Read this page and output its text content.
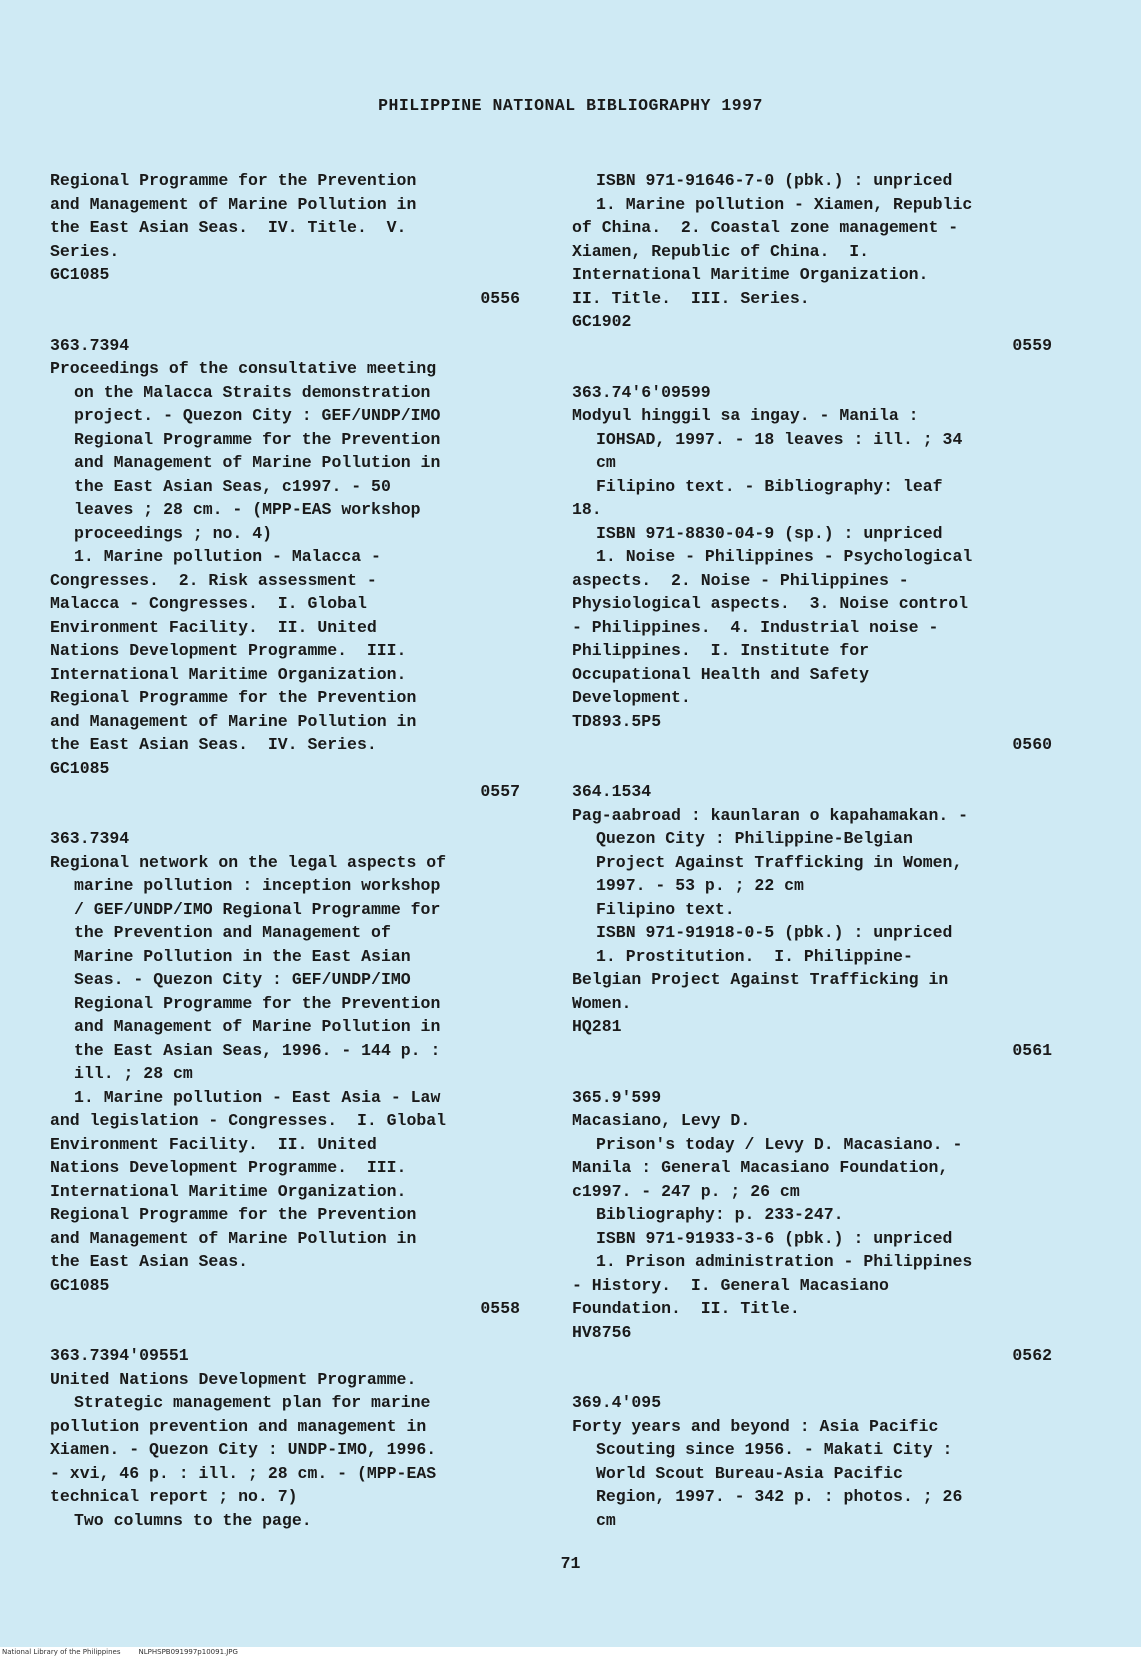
PHILIPPINE NATIONAL BIBLIOGRAPHY 1997
Regional Programme for the Prevention
and Management of Marine Pollution in
the East Asian Seas.  IV. Title.  V.
Series.
GC1085
0556
363.7394
Proceedings of the consultative meeting
on the Malacca Straits demonstration
project. - Quezon City : GEF/UNDP/IMO
Regional Programme for the Prevention
and Management of Marine Pollution in
the East Asian Seas, c1997. - 50
leaves ; 28 cm. - (MPP-EAS workshop
proceedings ; no. 4)
1. Marine pollution - Malacca -
Congresses.  2. Risk assessment -
Malacca - Congresses.  I. Global
Environment Facility.  II. United
Nations Development Programme.  III.
International Maritime Organization.
Regional Programme for the Prevention
and Management of Marine Pollution in
the East Asian Seas.  IV. Series.
GC1085
0557
363.7394
Regional network on the legal aspects of
marine pollution : inception workshop
/ GEF/UNDP/IMO Regional Programme for
the Prevention and Management of
Marine Pollution in the East Asian
Seas. - Quezon City : GEF/UNDP/IMO
Regional Programme for the Prevention
and Management of Marine Pollution in
the East Asian Seas, 1996. - 144 p. :
ill. ; 28 cm
1. Marine pollution - East Asia - Law
and legislation - Congresses.  I. Global
Environment Facility.  II. United
Nations Development Programme.  III.
International Maritime Organization.
Regional Programme for the Prevention
and Management of Marine Pollution in
the East Asian Seas.
GC1085
0558
363.7394'09551
United Nations Development Programme.
Strategic management plan for marine
pollution prevention and management in
Xiamen. - Quezon City : UNDP-IMO, 1996.
- xvi, 46 p. : ill. ; 28 cm. - (MPP-EAS
technical report ; no. 7)
Two columns to the page.
ISBN 971-91646-7-0 (pbk.) : unpriced
1. Marine pollution - Xiamen, Republic
of China.  2. Coastal zone management -
Xiamen, Republic of China.  I.
International Maritime Organization.
II. Title.  III. Series.
GC1902
0559
363.74'6'09599
Modyul hinggil sa ingay. - Manila :
IOHSAD, 1997. - 18 leaves : ill. ; 34
cm
Filipino text. - Bibliography: leaf
18.
ISBN 971-8830-04-9 (sp.) : unpriced
1. Noise - Philippines - Psychological
aspects.  2. Noise - Philippines -
Physiological aspects.  3. Noise control
- Philippines.  4. Industrial noise -
Philippines.  I. Institute for
Occupational Health and Safety
Development.
TD893.5P5
0560
364.1534
Pag-aabroad : kaunlaran o kapahamakan. -
Quezon City : Philippine-Belgian
Project Against Trafficking in Women,
1997. - 53 p. ; 22 cm
Filipino text.
ISBN 971-91918-0-5 (pbk.) : unpriced
1. Prostitution.  I. Philippine-
Belgian Project Against Trafficking in
Women.
HQ281
0561
365.9'599
Macasiano, Levy D.
Prison's today / Levy D. Macasiano. -
Manila : General Macasiano Foundation,
c1997. - 247 p. ; 26 cm
Bibliography: p. 233-247.
ISBN 971-91933-3-6 (pbk.) : unpriced
1. Prison administration - Philippines
- History.  I. General Macasiano
Foundation.  II. Title.
HV8756
0562
369.4'095
Forty years and beyond : Asia Pacific
Scouting since 1956. - Makati City :
World Scout Bureau-Asia Pacific
Region, 1997. - 342 p. : photos. ; 26
cm
71
National Library of the Philippines	NLPHSPB091997p10091.JPG
